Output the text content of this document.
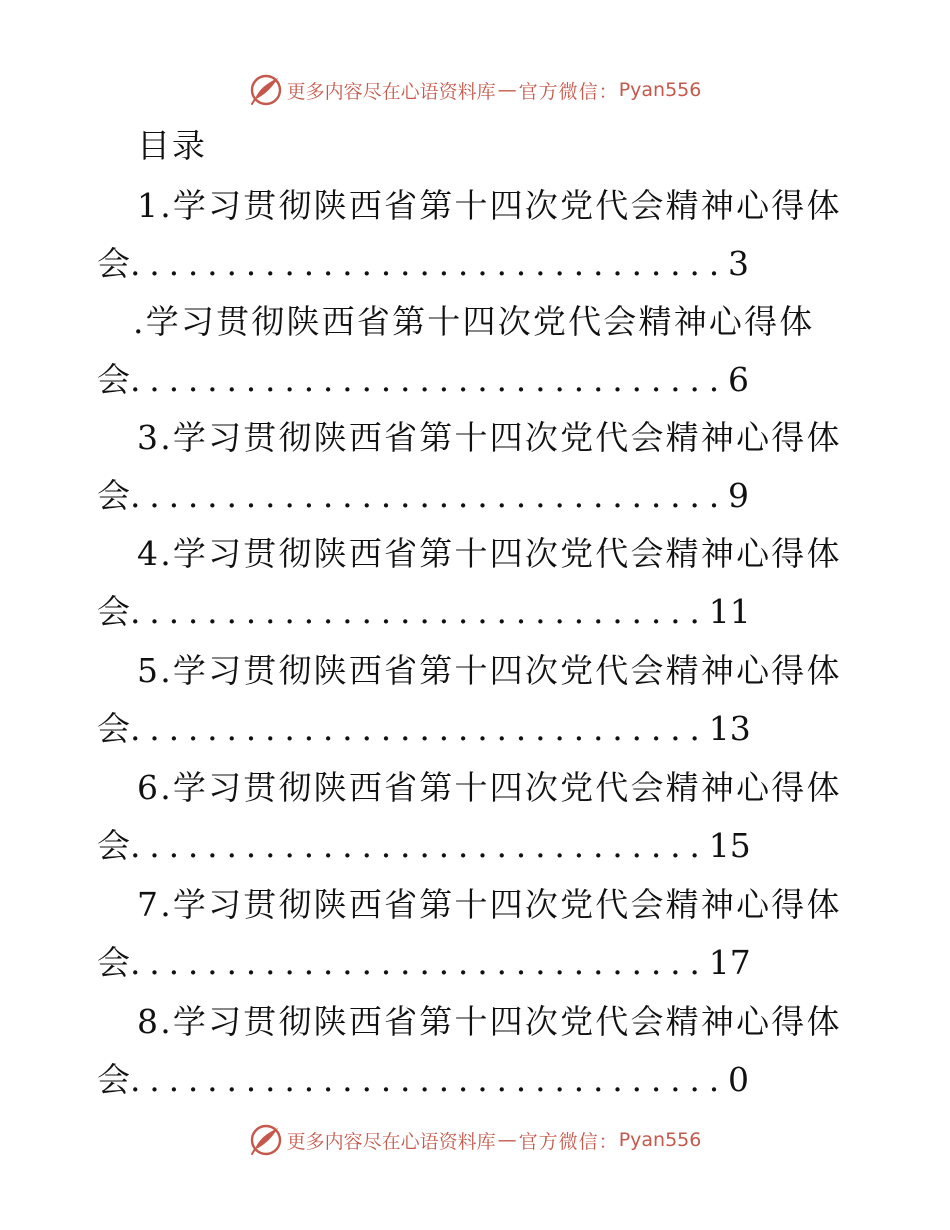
更多内容尽在心语资料库 — 官方微信： Pyan556
目录
1.学习贯彻陕西省第十四次党代会精神心得体
会...............................3
.学习贯彻陕西省第十四次党代会精神心得体
会...............................6
3.学习贯彻陕西省第十四次党代会精神心得体
会...............................9
4.学习贯彻陕西省第十四次党代会精神心得体
会..............................11
5.学习贯彻陕西省第十四次党代会精神心得体
会..............................13
6.学习贯彻陕西省第十四次党代会精神心得体
会..............................15
7.学习贯彻陕西省第十四次党代会精神心得体
会..............................17
8.学习贯彻陕西省第十四次党代会精神心得体
会...............................0
更多内容尽在心语资料库 — 官方微信： Pyan556
